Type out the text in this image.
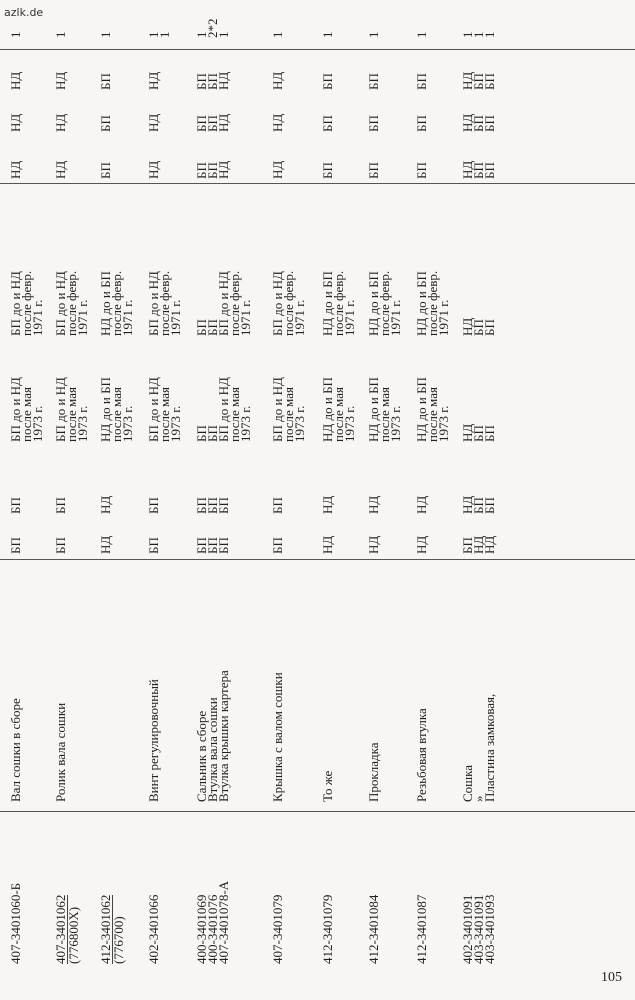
azlk.de
407-3401060-Б
Вал сошки в сборе
БП
БП
БП до и НД
после мая
1973 г.
БП до и НД
после февр.
1971 г.
НД
НД
НД
1
407-3401062
(776800Х)
Ролик вала сошки
БП
БП
БП до и НД
после мая
1973 г.
БП до и НД
после февр.
1971 г.
НД
НД
НД
1
412-3401062
(776700)
НД
НД
НД до и БП
после мая
1973 г.
НД до и БП
после февр.
1971 г.
БП
БП
БП
1
402-3401066
Винт регулировочный
БП
БП
БП до и НД
после мая
1973 г.
БП до и НД
после февр.
1971 г.
НД
НД
НД
1
1
400-3401069
400-3401076
407-3401078-А
Сальник в сборе
Втулка вала сошки
Втулка крышки картера
БП
БП
БП
БП
БП
БП
БП
БП
БП до и НД
после мая
1973 г.
БП
БП
БП до и НД
после февр.
1971 г.
БП
БП
НД
БП
БП
НД
БП
БП
НД
1
2*2
1
407-3401079
Крышка с валом сошки
БП
БП
БП до и НД
после мая
1973 г.
БП до и НД
после февр.
1971 г.
НД
НД
НД
1
412-3401079
То же
НД
НД
НД до и БП
после мая
1973 г.
НД до и БП
после февр.
1971 г.
БП
БП
БП
1
412-3401084
Прокладка
НД
НД
НД до и БП
после мая
1973 г.
НД до и БП
после февр.
1971 г.
БП
БП
БП
1
412-3401087
Резьбовая втулка
НД
НД
НД до и БП
после мая
1973 г.
НД до и БП
после февр.
1971 г.
БП
БП
БП
1
402-3401091
403-3401091
403-3401093
Сошка
»
Пластина замковая,
БП
НД
НД
НД
БП
БП
НД
БП
БП
НД
БП
БП
НД
БП
БП
НД
БП
БП
НД
БП
БП
1
1
1
105
